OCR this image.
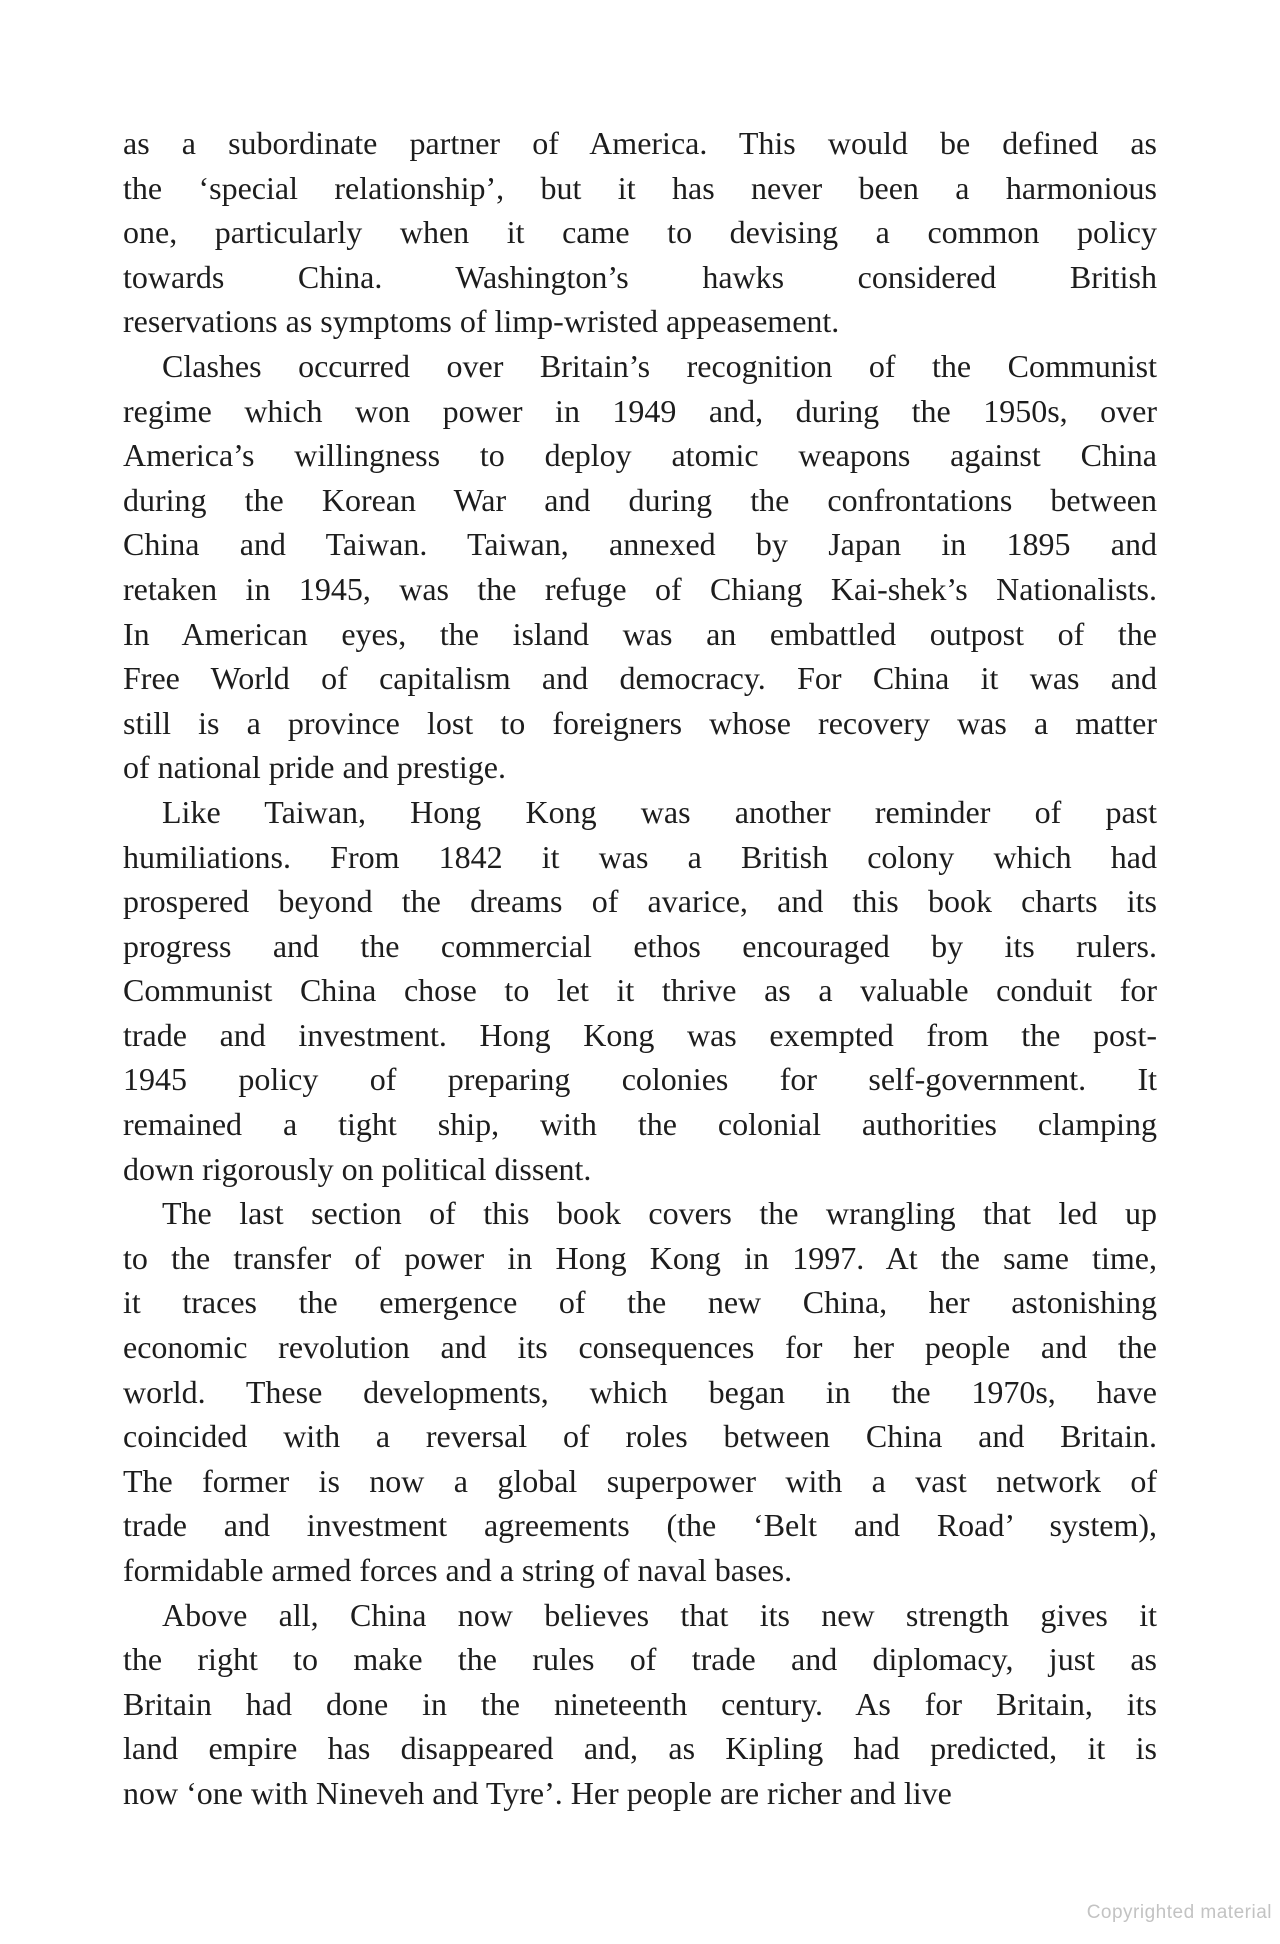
as a subordinate partner of America. This would be defined as
the ‘special relationship’, but it has never been a harmonious
one, particularly when it came to devising a common policy
towards China. Washington’s hawks considered British
reservations as symptoms of limp-wristed appeasement.
Clashes occurred over Britain’s recognition of the Communist
regime which won power in 1949 and, during the 1950s, over
America’s willingness to deploy atomic weapons against China
during the Korean War and during the confrontations between
China and Taiwan. Taiwan, annexed by Japan in 1895 and
retaken in 1945, was the refuge of Chiang Kai-shek’s Nationalists.
In American eyes, the island was an embattled outpost of the
Free World of capitalism and democracy. For China it was and
still is a province lost to foreigners whose recovery was a matter
of national pride and prestige.
Like Taiwan, Hong Kong was another reminder of past
humiliations. From 1842 it was a British colony which had
prospered beyond the dreams of avarice, and this book charts its
progress and the commercial ethos encouraged by its rulers.
Communist China chose to let it thrive as a valuable conduit for
trade and investment. Hong Kong was exempted from the post-
1945 policy of preparing colonies for self-government. It
remained a tight ship, with the colonial authorities clamping
down rigorously on political dissent.
The last section of this book covers the wrangling that led up
to the transfer of power in Hong Kong in 1997. At the same time,
it traces the emergence of the new China, her astonishing
economic revolution and its consequences for her people and the
world. These developments, which began in the 1970s, have
coincided with a reversal of roles between China and Britain.
The former is now a global superpower with a vast network of
trade and investment agreements (the ‘Belt and Road’ system),
formidable armed forces and a string of naval bases.
Above all, China now believes that its new strength gives it
the right to make the rules of trade and diplomacy, just as
Britain had done in the nineteenth century. As for Britain, its
land empire has disappeared and, as Kipling had predicted, it is
now ‘one with Nineveh and Tyre’. Her people are richer and live
Copyrighted material
